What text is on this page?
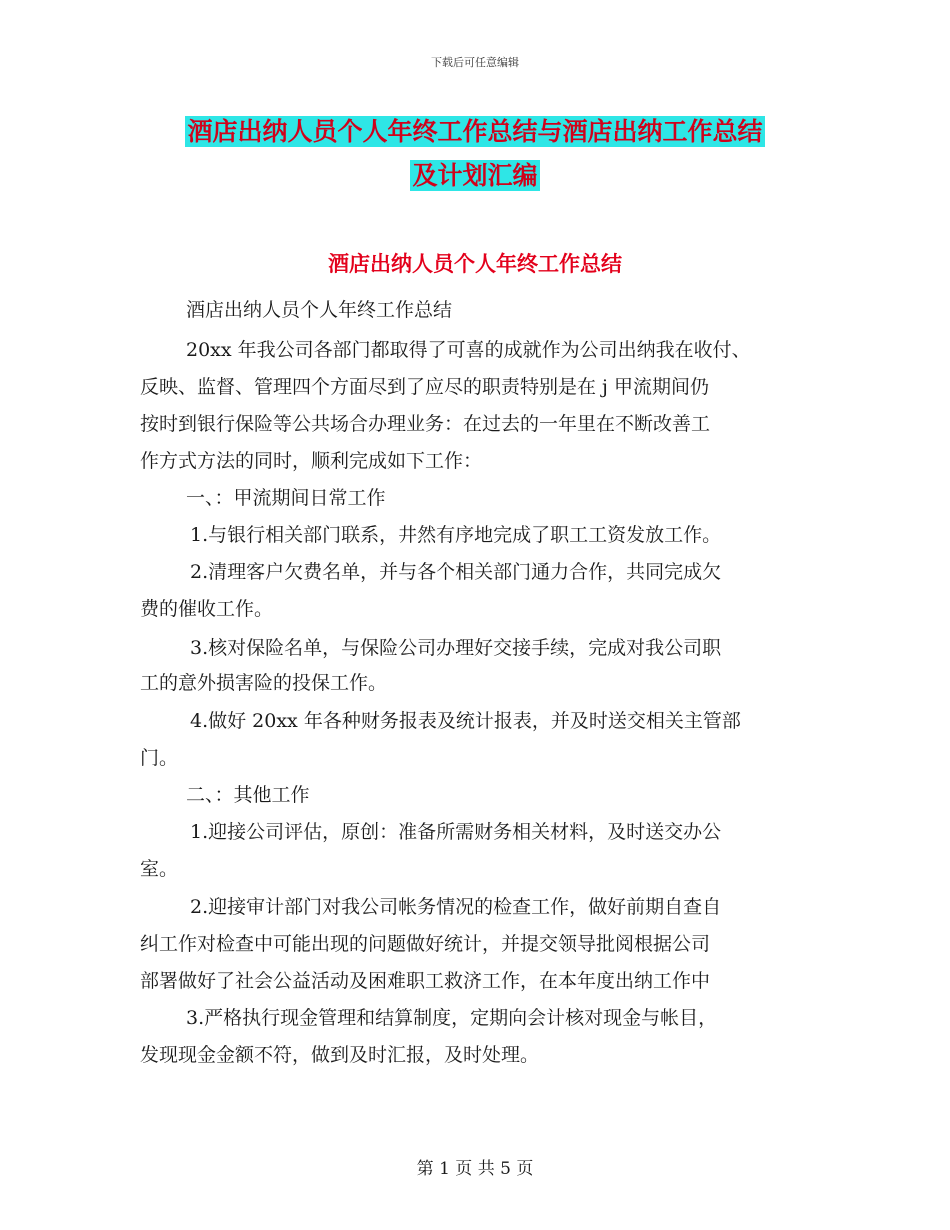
下载后可任意编辑
酒店出纳人员个人年终工作总结与酒店出纳工作总结
及计划汇编
酒店出纳人员个人年终工作总结
酒店出纳人员个人年终工作总结
20xx 年我公司各部门都取得了可喜的成就作为公司出纳我在收付、
反映、监督、管理四个方面尽到了应尽的职责特别是在 j 甲流期间仍
按时到银行保险等公共场合办理业务：在过去的一年里在不断改善工
作方式方法的同时，顺利完成如下工作：
一、：甲流期间日常工作
1.与银行相关部门联系，井然有序地完成了职工工资发放工作。
2.清理客户欠费名单，并与各个相关部门通力合作，共同完成欠
费的催收工作。
3.核对保险名单，与保险公司办理好交接手续，完成对我公司职
工的意外损害险的投保工作。
4.做好 20xx 年各种财务报表及统计报表，并及时送交相关主管部
门。
二、：其他工作
1.迎接公司评估，原创：准备所需财务相关材料，及时送交办公
室。
2.迎接审计部门对我公司帐务情况的检查工作，做好前期自查自
纠工作对检查中可能出现的问题做好统计，并提交领导批阅根据公司
部署做好了社会公益活动及困难职工救济工作，在本年度出纳工作中
3.严格执行现金管理和结算制度，定期向会计核对现金与帐目，
发现现金金额不符，做到及时汇报，及时处理。
第 1 页 共 5 页
